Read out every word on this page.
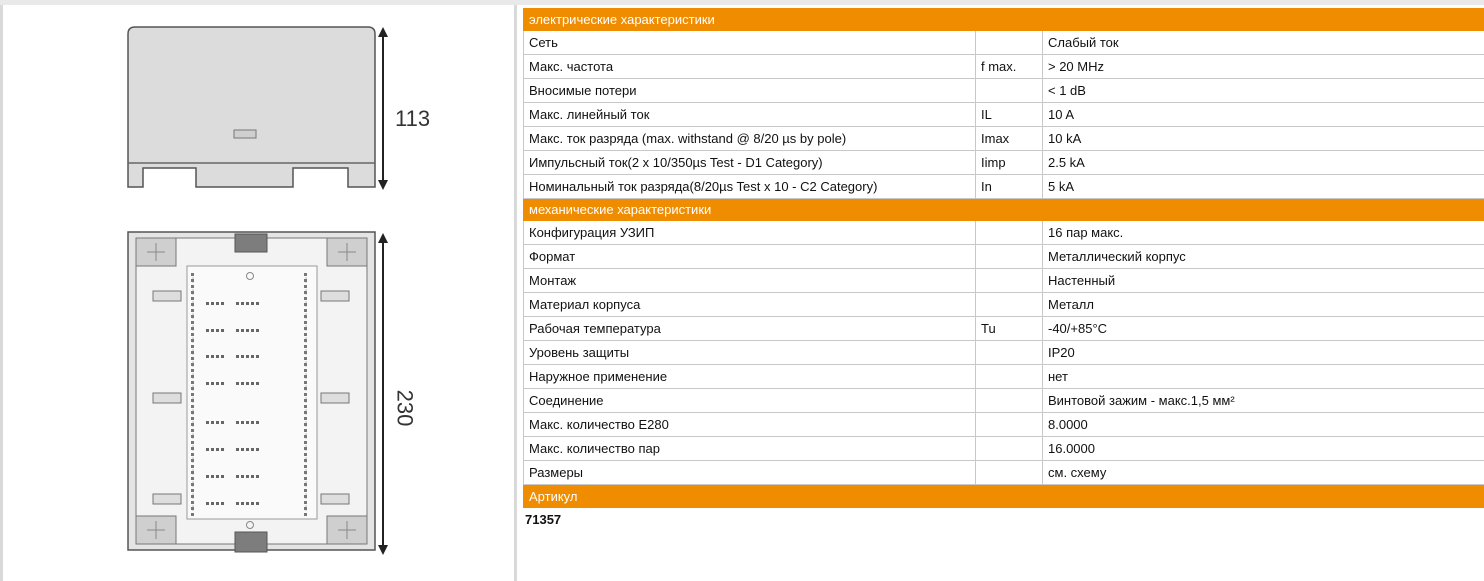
113
230
электрические характеристики		
Сеть		Слабый ток
Макс. частота	f max.	> 20 MHz
Вносимые потери		< 1 dB
Макс. линейный ток	IL	10 A
Макс. ток разряда (max. withstand @ 8/20 µs by pole)	Imax	10 kA
Импульсный ток(2 x 10/350µs Test - D1 Category)	Iimp	2.5 kA
Номинальный ток разряда(8/20µs Test x 10 - C2 Category)	In	5 kA
механические характеристики		
Конфигурация УЗИП		16 пар макс.
Формат		Металлический корпус
Монтаж		Настенный
Материал корпуса		Металл
Рабочая температура	Tu	-40/+85°C
Уровень защиты		IP20
Наружное применение		нет
Соединение		Винтовой зажим - макс.1,5 мм²
Макс. количество E280		8.0000
Макс. количество пар		16.0000
Размеры		см. схему
Артикул
71357
